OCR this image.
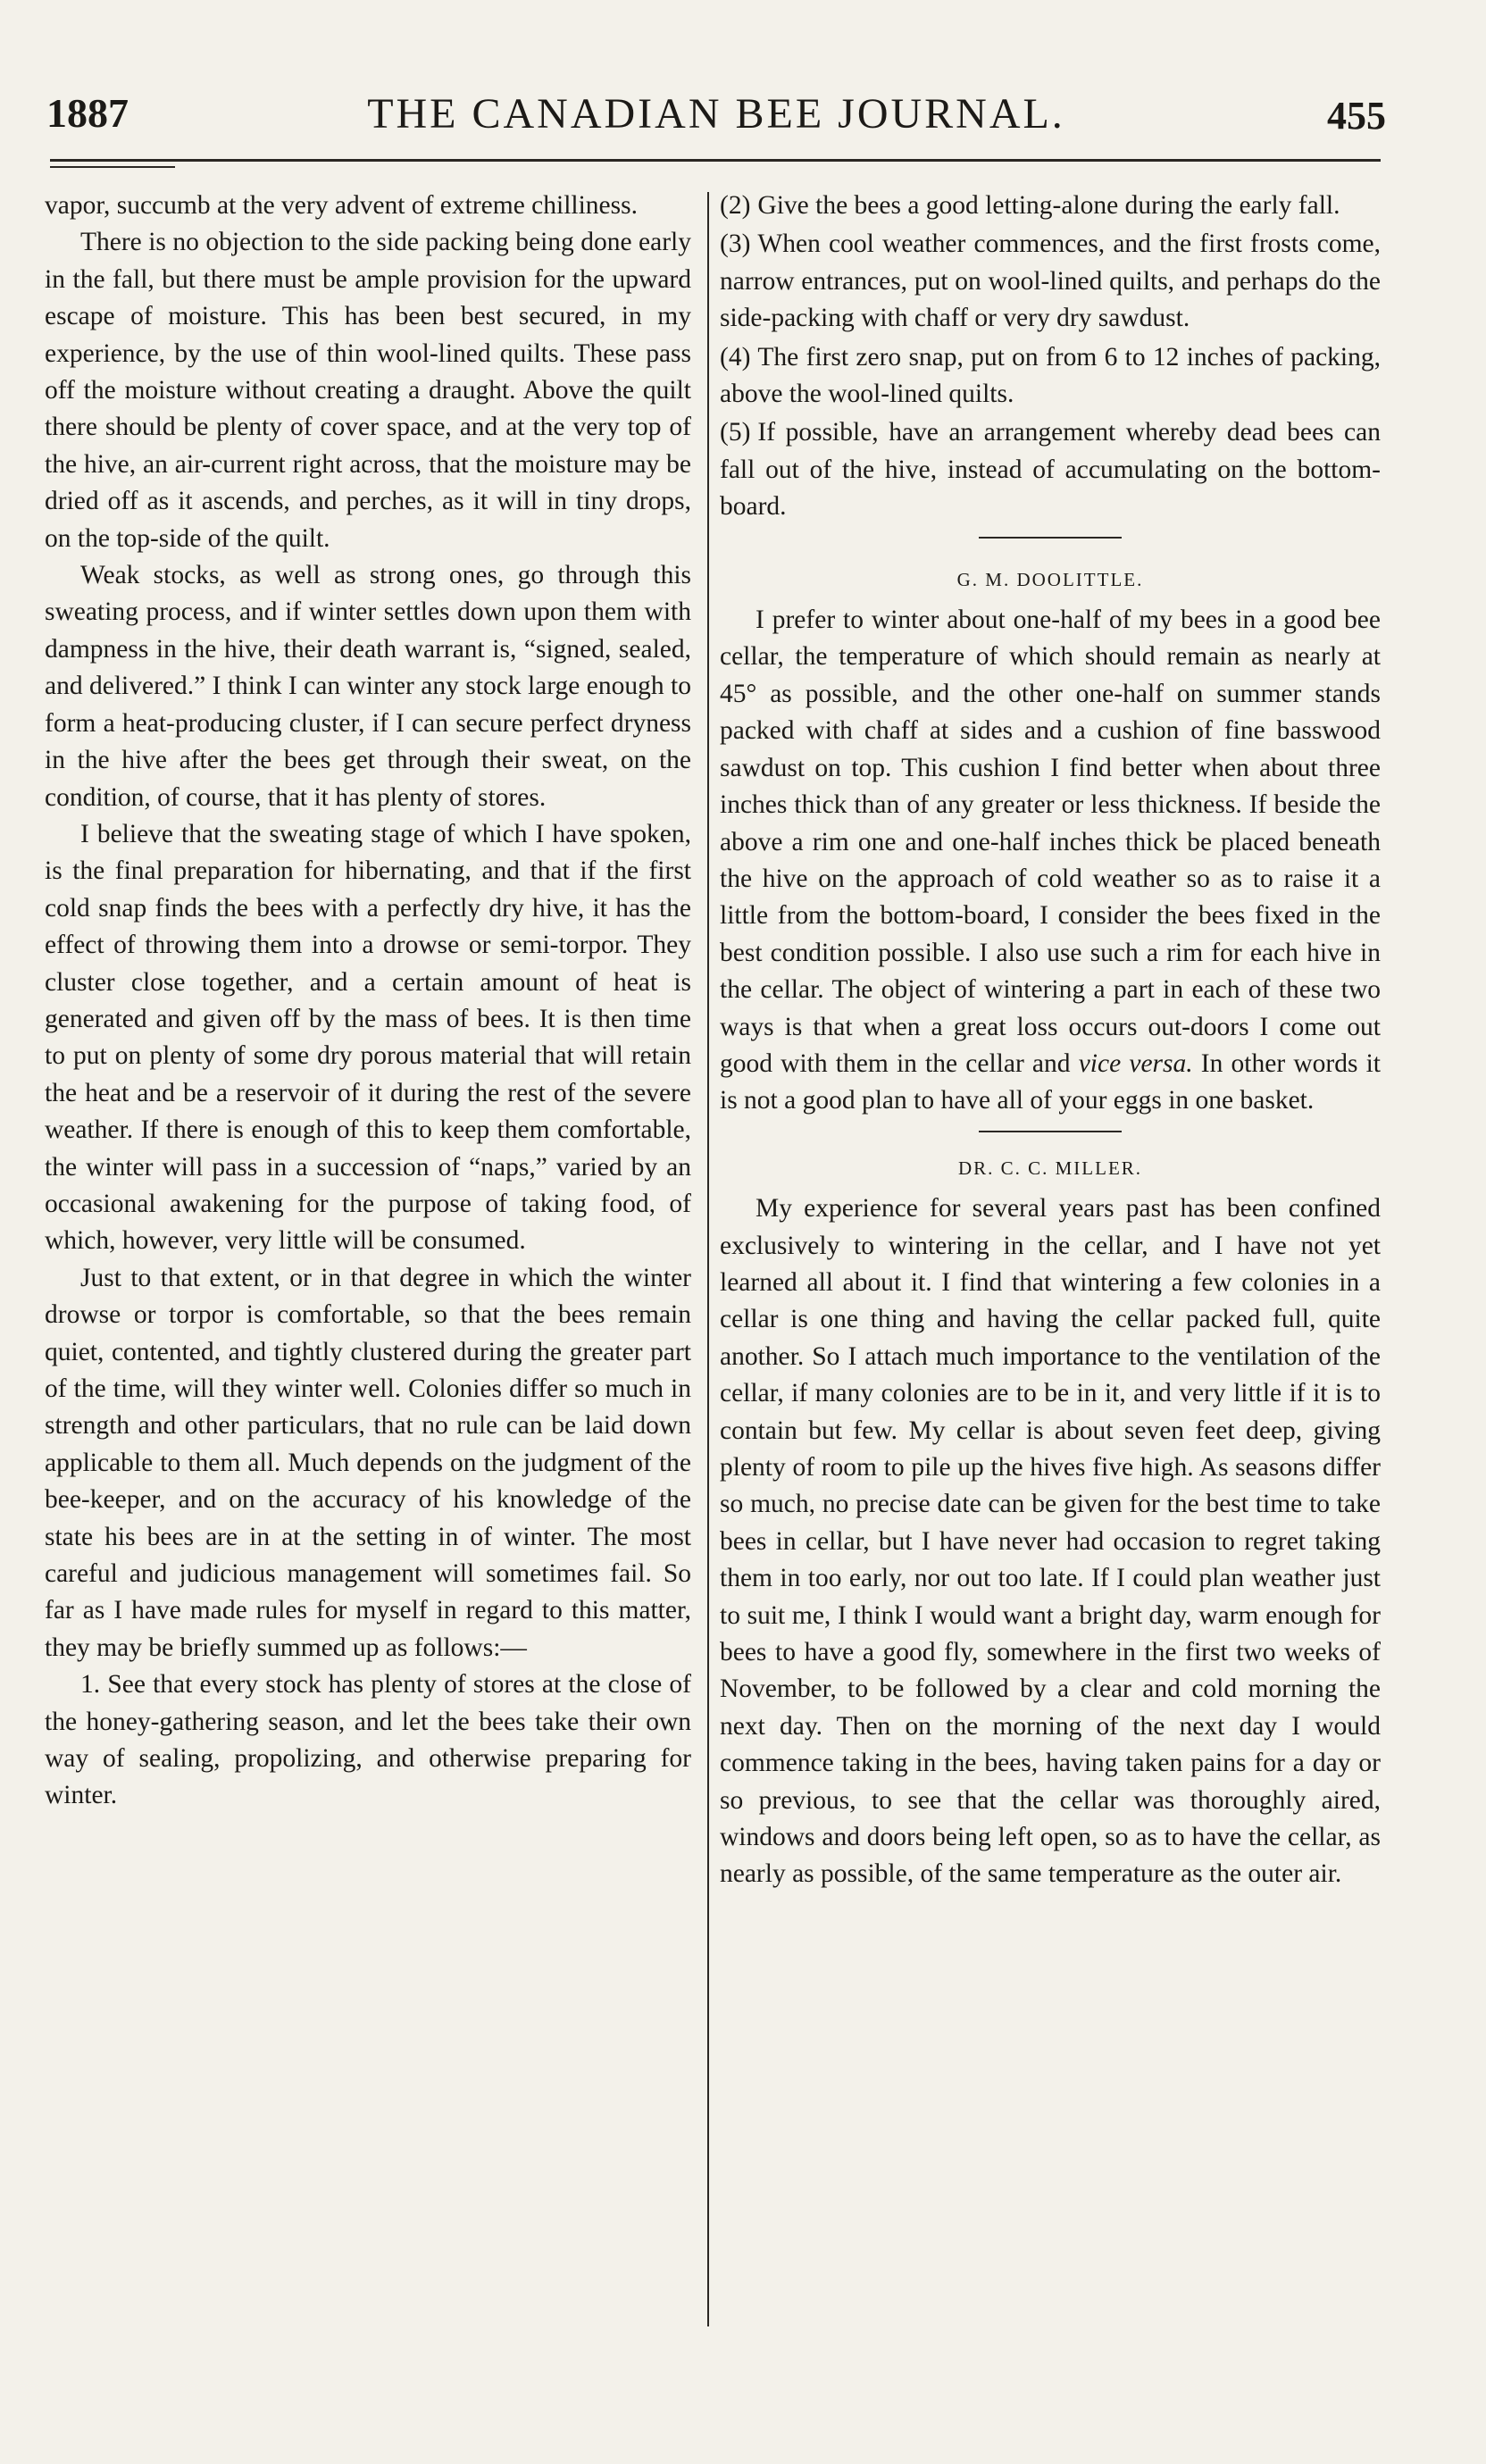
1887	THE CANADIAN BEE JOURNAL.	455

vapor, succumb at the very advent of extreme chilliness.

There is no objection to the side packing being done early in the fall, but there must be ample provision for the upward escape of moisture. This has been best secured, in my experience, by the use of thin wool-lined quilts. These pass off the moisture without creating a draught. Above the quilt there should be plenty of cover space, and at the very top of the hive, an air-current right across, that the moisture may be dried off as it ascends, and perches, as it will in tiny drops, on the top-side of the quilt.

Weak stocks, as well as strong ones, go through this sweating process, and if winter settles down upon them with dampness in the hive, their death warrant is, “signed, sealed, and delivered.” I think I can winter any stock large enough to form a heat-producing cluster, if I can secure perfect dryness in the hive after the bees get through their sweat, on the condition, of course, that it has plenty of stores.

I believe that the sweating stage of which I have spoken, is the final preparation for hibernating, and that if the first cold snap finds the bees with a perfectly dry hive, it has the effect of throwing them into a drowse or semi-torpor. They cluster close together, and a certain amount of heat is generated and given off by the mass of bees. It is then time to put on plenty of some dry porous material that will retain the heat and be a reservoir of it during the rest of the severe weather. If there is enough of this to keep them comfortable, the winter will pass in a succession of “naps,” varied by an occasional awakening for the purpose of taking food, of which, however, very little will be consumed.

Just to that extent, or in that degree in which the winter drowse or torpor is comfortable, so that the bees remain quiet, contented, and tightly clustered during the greater part of the time, will they winter well. Colonies differ so much in strength and other particulars, that no rule can be laid down applicable to them all. Much depends on the judgment of the bee-keeper, and on the accuracy of his knowledge of the state his bees are in at the setting in of winter. The most careful and judicious management will sometimes fail. So far as I have made rules for myself in regard to this matter, they may be briefly summed up as follows:—

1. See that every stock has plenty of stores at the close of the honey-gathering season, and let the bees take their own way of sealing, propolizing, and otherwise preparing for winter.

(2) Give the bees a good letting-alone during the early fall.

(3) When cool weather commences, and the first frosts come, narrow entrances, put on wool-lined quilts, and perhaps do the side-packing with chaff or very dry sawdust.

(4) The first zero snap, put on from 6 to 12 inches of packing, above the wool-lined quilts.

(5) If possible, have an arrangement whereby dead bees can fall out of the hive, instead of accumulating on the bottom-board.

G. M. DOOLITTLE.

I prefer to winter about one-half of my bees in a good bee cellar, the temperature of which should remain as nearly at 45° as possible, and the other one-half on summer stands packed with chaff at sides and a cushion of fine basswood sawdust on top. This cushion I find better when about three inches thick than of any greater or less thickness. If beside the above a rim one and one-half inches thick be placed beneath the hive on the approach of cold weather so as to raise it a little from the bottom-board, I consider the bees fixed in the best condition possible. I also use such a rim for each hive in the cellar. The object of wintering a part in each of these two ways is that when a great loss occurs out-doors I come out good with them in the cellar and vice versa. In other words it is not a good plan to have all of your eggs in one basket.

DR. C. C. MILLER.

My experience for several years past has been confined exclusively to wintering in the cellar, and I have not yet learned all about it. I find that wintering a few colonies in a cellar is one thing and having the cellar packed full, quite another. So I attach much importance to the ventilation of the cellar, if many colonies are to be in it, and very little if it is to contain but few. My cellar is about seven feet deep, giving plenty of room to pile up the hives five high. As seasons differ so much, no precise date can be given for the best time to take bees in cellar, but I have never had occasion to regret taking them in too early, nor out too late. If I could plan weather just to suit me, I think I would want a bright day, warm enough for bees to have a good fly, somewhere in the first two weeks of November, to be followed by a clear and cold morning the next day. Then on the morning of the next day I would commence taking in the bees, having taken pains for a day or so previous, to see that the cellar was thoroughly aired, windows and doors being left open, so as to have the cellar, as nearly as possible, of the same temperature as the outer air.
